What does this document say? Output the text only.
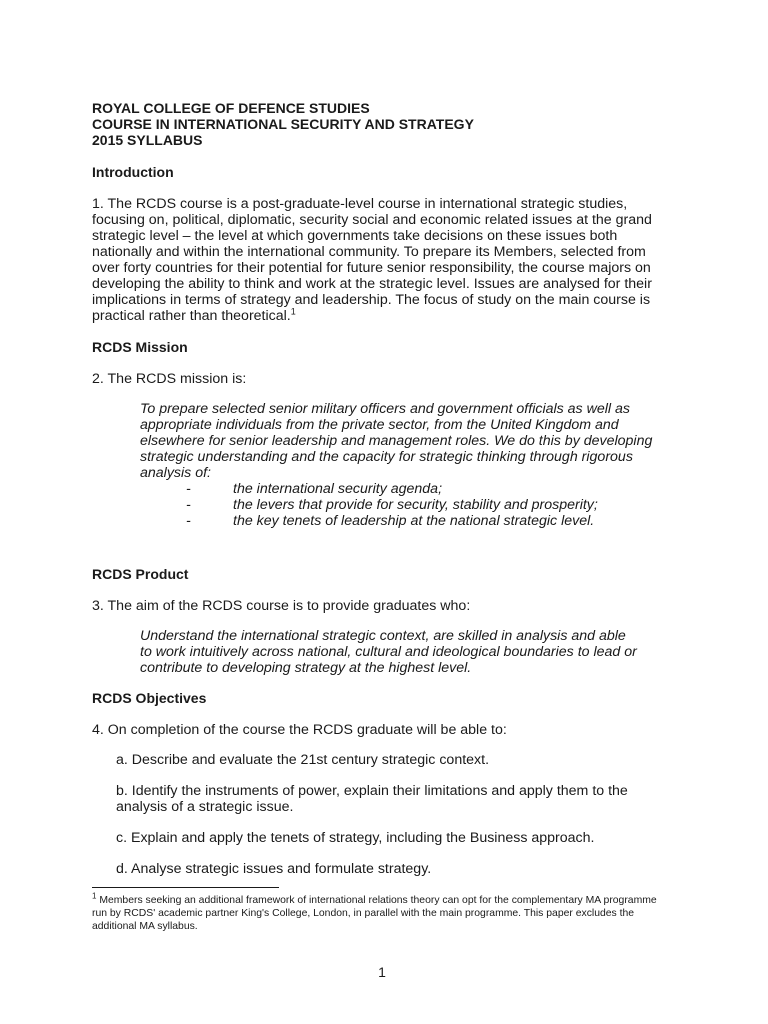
ROYAL COLLEGE OF DEFENCE STUDIES
COURSE IN INTERNATIONAL SECURITY AND STRATEGY
2015 SYLLABUS

Introduction

1. The RCDS course is a post-graduate-level course in international strategic studies, focusing on, political, diplomatic, security social and economic related issues at the grand strategic level – the level at which governments take decisions on these issues both nationally and within the international community. To prepare its Members, selected from over forty countries for their potential for future senior responsibility, the course majors on developing the ability to think and work at the strategic level. Issues are analysed for their implications in terms of strategy and leadership. The focus of study on the main course is practical rather than theoretical.$^1$

RCDS Mission

2. The RCDS mission is:

To prepare selected senior military officers and government officials as well as appropriate individuals from the private sector, from the United Kingdom and elsewhere for senior leadership and management roles. We do this by developing strategic understanding and the capacity for strategic thinking through rigorous analysis of:

-	the international security agenda;
-	the levers that provide for security, stability and prosperity;
-	the key tenets of leadership at the national strategic level.

RCDS Product

3. The aim of the RCDS course is to provide graduates who:

Understand the international strategic context, are skilled in analysis and able to work intuitively across national, cultural and ideological boundaries to lead or contribute to developing strategy at the highest level.

RCDS Objectives

4. On completion of the course the RCDS graduate will be able to:

a. Describe and evaluate the 21st century strategic context.

b. Identify the instruments of power, explain their limitations and apply them to the analysis of a strategic issue.

c. Explain and apply the tenets of strategy, including the Business approach.

d. Analyse strategic issues and formulate strategy.

$^1$ Members seeking an additional framework of international relations theory can opt for the complementary MA programme run by RCDS' academic partner King's College, London, in parallel with the main programme. This paper excludes the additional MA syllabus.
1
